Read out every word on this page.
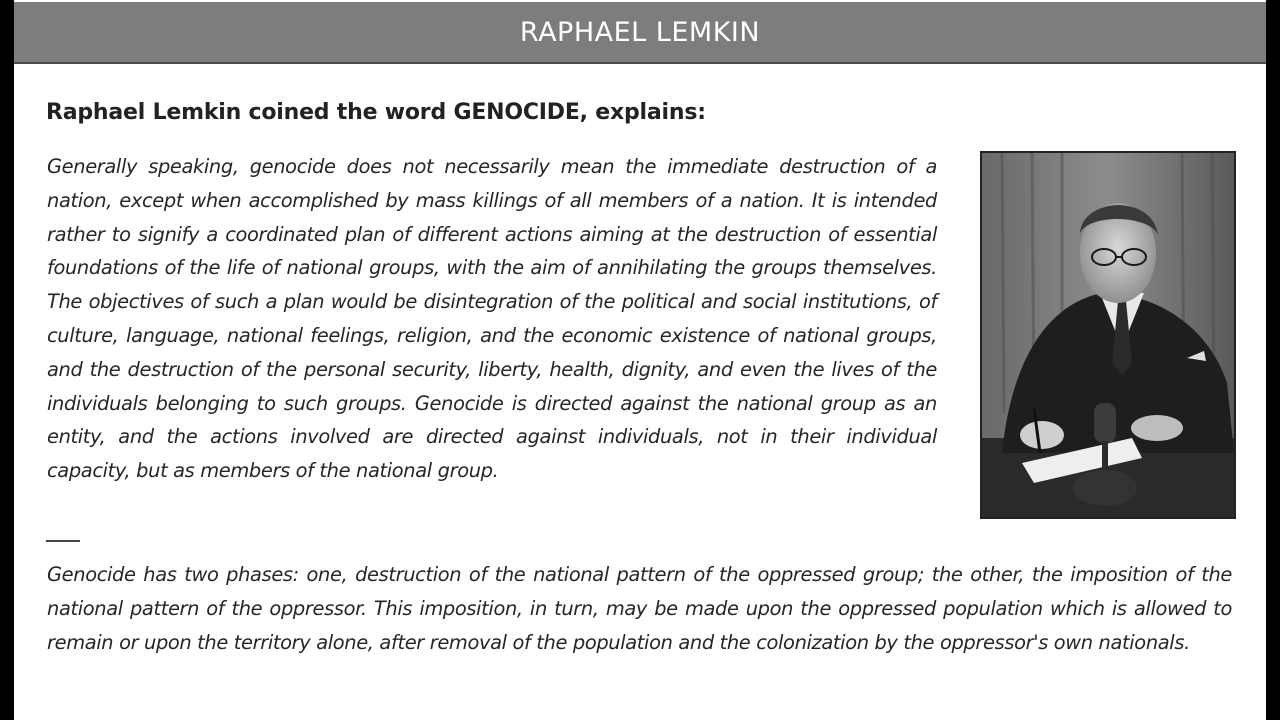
RAPHAEL LEMKIN
Raphael Lemkin coined the word GENOCIDE, explains:

Generally speaking, genocide does not necessarily mean the immediate destruction of a nation, except when accomplished by mass killings of all members of a nation. It is intended rather to signify a coordinated plan of different actions aiming at the destruction of essential foundations of the life of national groups, with the aim of annihilating the groups themselves. The objectives of such a plan would be disintegration of the political and social institutions, of culture, language, national feelings, religion, and the economic existence of national groups, and the destruction of the personal security, liberty, health, dignity, and even the lives of the individuals belonging to such groups. Genocide is directed against the national group as an entity, and the actions involved are directed against individuals, not in their individual capacity, but as members of the national group.

Genocide has two phases: one, destruction of the national pattern of the oppressed group; the other, the imposition of the national pattern of the oppressor. This imposition, in turn, may be made upon the oppressed population which is allowed to remain or upon the territory alone, after removal of the population and the colonization by the oppressor's own nationals.
